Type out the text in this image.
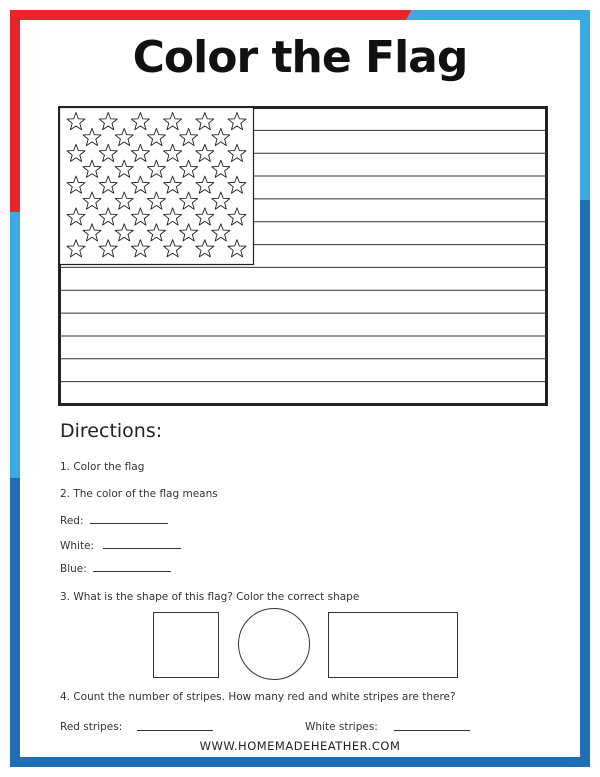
Color the Flag
Directions:
1. Color the flag
2. The color of the flag means
Red:
White:
Blue:
3. What is the shape of this flag? Color the correct shape
4. Count the number of stripes. How many red and white stripes are there?
Red stripes:	White stripes:
WWW.HOMEMADEHEATHER.COM
